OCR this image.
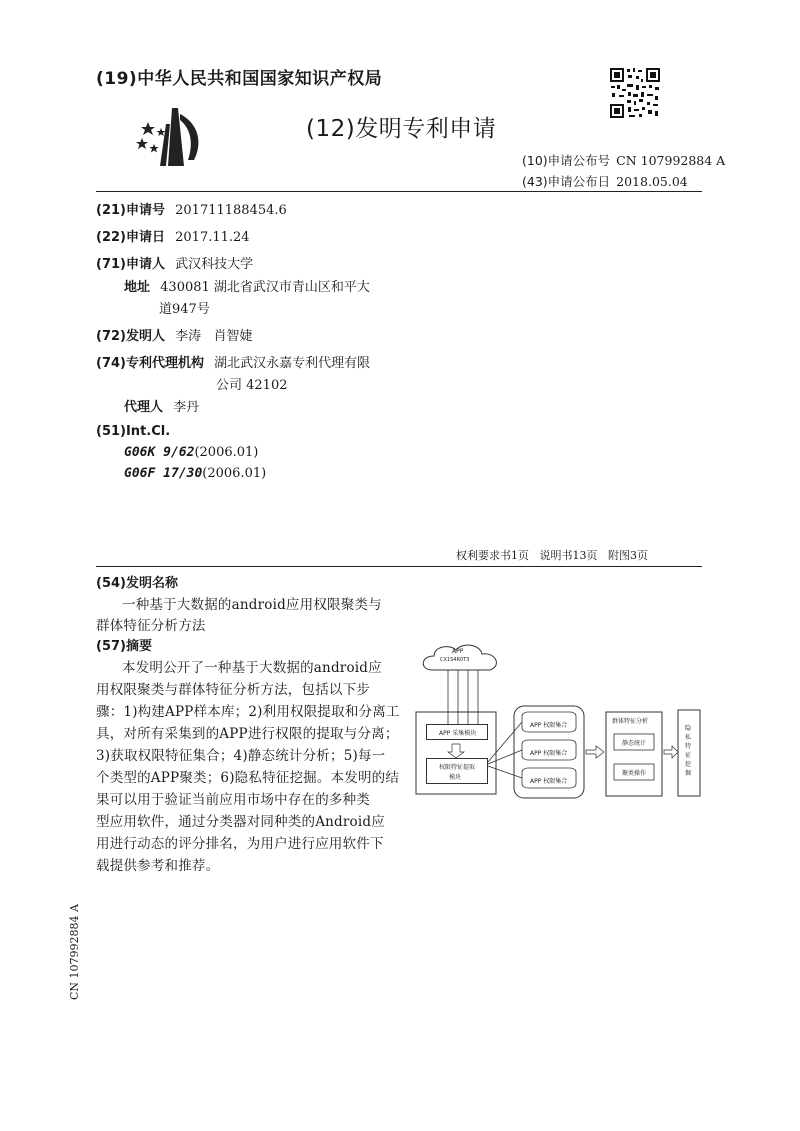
(19)中华人民共和国国家知识产权局
(12)发明专利申请
(10)申请公布号 CN 107992884 A
(43)申请公布日 2018.05.04
(21)申请号 201711188454.6
(22)申请日 2017.11.24
(71)申请人 武汉科技大学
地址 430081 湖北省武汉市青山区和平大
道947号
(72)发明人 李涛   肖智婕
(74)专利代理机构 湖北武汉永嘉专利代理有限
公司 42102
代理人 李丹
(51)Int.Cl.
G06K 9/62(2006.01)
G06F 17/30(2006.01)
权利要求书1页   说明书13页   附图3页
(54)发明名称
一种基于大数据的android应用权限聚类与
群体特征分析方法
(57)摘要
本发明公开了一种基于大数据的android应
用权限聚类与群体特征分析方法，包括以下步
骤：1)构建APP样本库；2)利用权限提取和分离工
具，对所有采集到的APP进行权限的提取与分离；
3)获取权限特征集合；4)静态统计分析；5)每一
个类型的APP聚类；6)隐私特征挖掘。本发明的结
果可以用于验证当前应用市场中存在的多种类
型应用软件，通过分类器对同种类的Android应
用进行动态的评分排名，为用户进行应用软件下
载提供参考和推荐。
CN 107992884 A
APP
CX1S4R0T3
APP 采集模块
权限特征提取
模块
APP 权限集合
APP 权限集合
APP 权限集合
群体特征分析
静态统计
聚类操作
隐私特征挖掘
